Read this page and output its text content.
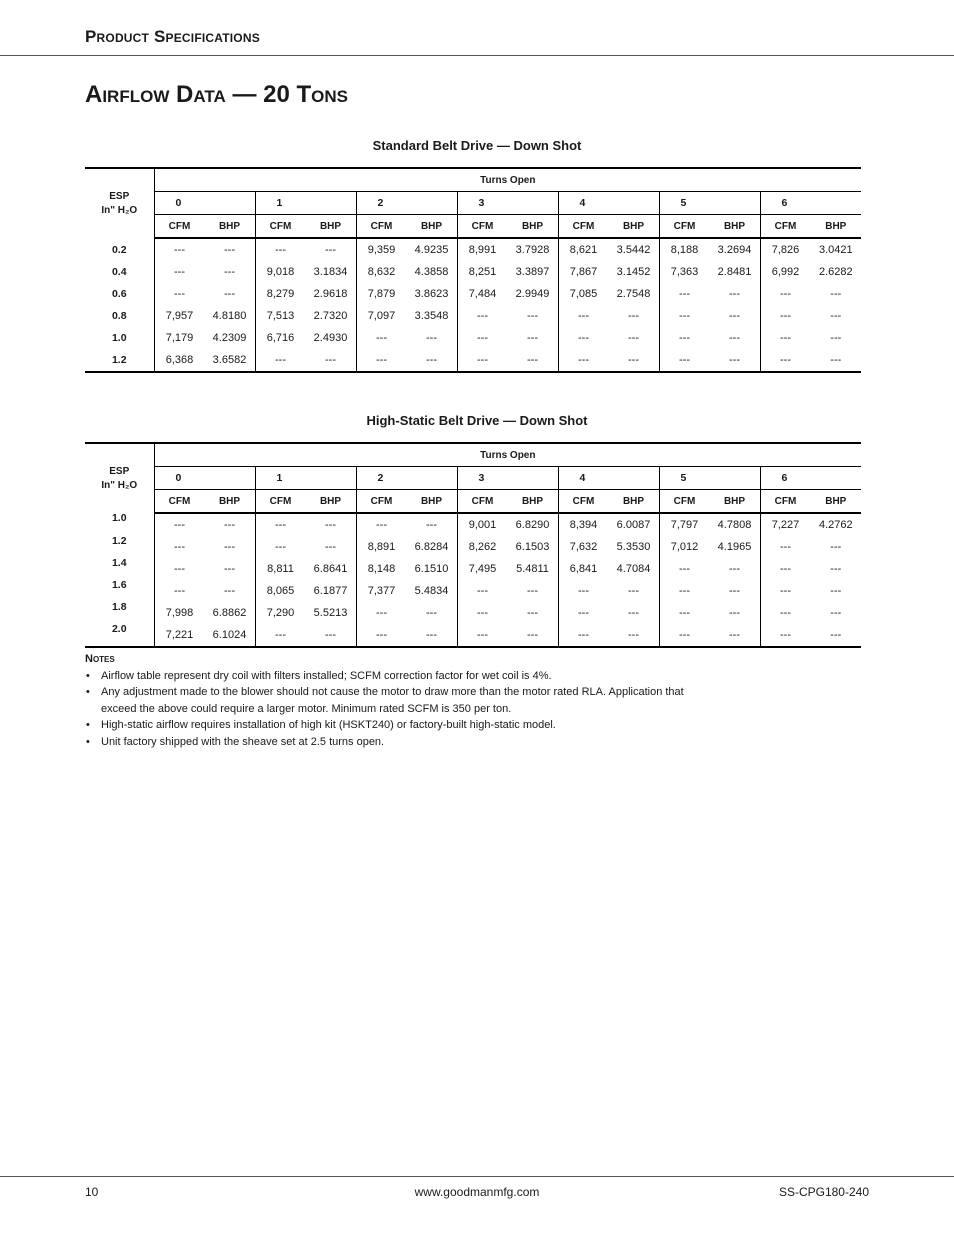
Product Specifications
Airflow Data — 20 Tons
Standard Belt Drive — Down Shot
ESP
In" H₂O	Turns Open													
	0		1		2		3		4		5		6	
	CFM	BHP	CFM	BHP	CFM	BHP	CFM	BHP	CFM	BHP	CFM	BHP	CFM	BHP
0.2	---	---	---	---	9,359	4.9235	8,991	3.7928	8,621	3.5442	8,188	3.2694	7,826	3.0421
0.4	---	---	9,018	3.1834	8,632	4.3858	8,251	3.3897	7,867	3.1452	7,363	2.8481	6,992	2.6282
0.6	---	---	8,279	2.9618	7,879	3.8623	7,484	2.9949	7,085	2.7548	---	---	---	---
0.8	7,957	4.8180	7,513	2.7320	7,097	3.3548	---	---	---	---	---	---	---	---
1.0	7,179	4.2309	6,716	2.4930	---	---	---	---	---	---	---	---	---	---
1.2	6,368	3.6582	---	---	---	---	---	---	---	---	---	---	---	---
High-Static Belt Drive — Down Shot
ESP
In" H₂O	Turns Open													
	0		1		2		3		4		5		6	
	CFM	BHP	CFM	BHP	CFM	BHP	CFM	BHP	CFM	BHP	CFM	BHP	CFM	BHP
1.0	---	---	---	---	---	---	9,001	6.8290	8,394	6.0087	7,797	4.7808	7,227	4.2762
1.2	---	---	---	---	8,891	6.8284	8,262	6.1503	7,632	5.3530	7,012	4.1965	---	---
1.4	---	---	8,811	6.8641	8,148	6.1510	7,495	5.4811	6,841	4.7084	---	---	---	---
1.6	---	---	8,065	6.1877	7,377	5.4834	---	---	---	---	---	---	---	---
1.8	7,998	6.8862	7,290	5.5213	---	---	---	---	---	---	---	---	---	---
2.0	7,221	6.1024	---	---	---	---	---	---	---	---	---	---	---	---

Notes

• Airflow table represent dry coil with filters installed; SCFM correction factor for wet coil is 4%.
• Any adjustment made to the blower should not cause the motor to draw more than the motor rated RLA. Application that exceed the above could require a larger motor. Minimum rated SCFM is 350 per ton.
• High-static airflow requires installation of high kit (HSKT240) or factory-built high-static model.
• Unit factory shipped with the sheave set at 2.5 turns open.
10	www.goodmanmfg.com	SS-CPG180-240
